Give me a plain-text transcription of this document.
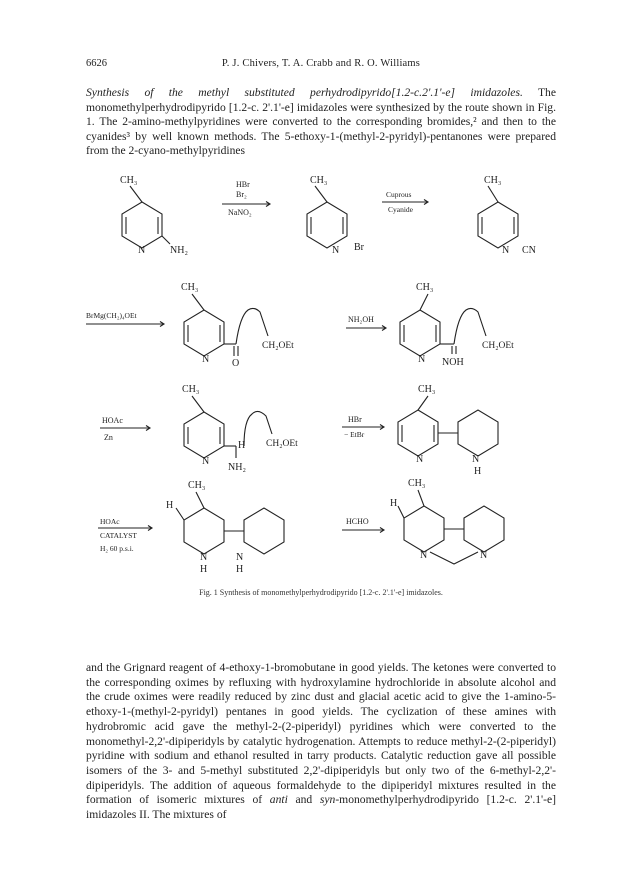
6626	P. J. Chivers, T. A. Crabb and R. O. Williams

Synthesis of the methyl substituted perhydrodipyrido[1.2-c.2'.1'-e] imidazoles. The monomethylperhydrodipyrido [1.2-c. 2'.1'-e] imidazoles were synthesized by the route shown in Fig. 1. The 2-amino-methylpyridines were converted to the corresponding bromides,² and then to the cyanides³ by well known methods. The 5-ethoxy-1-(methyl-2-pyridyl)-pentanones were prepared from the 2-cyano-methylpyridines

CH₃
N NH₂
HBr
Br₂
NaNO₂
CH₃
N Br
Cuprous
Cyanide
CH₃
N CN
BrMg(CH₂)₄OEt
CH₃
N O
CH₂OEt
NH₂OH
CH₃
N NOH
CH₂OEt
HOAc
Zn
CH₃
N
H
NH₂
CH₂OEt
HBr
− EtBr
CH₃
N	N
H
HOAc
CATALYST
H₂ 60 p.s.i.
CH₃
H
N
H
N
H
HCHO
CH₃
H
N	N
Fig. 1 Synthesis of monomethylperhydrodipyrido [1.2-c. 2'.1'-e] imidazoles.

and the Grignard reagent of 4-ethoxy-1-bromobutane in good yields. The ketones were converted to the corresponding oximes by refluxing with hydroxylamine hydrochloride in absolute alcohol and the crude oximes were readily reduced by zinc dust and glacial acetic acid to give the 1-amino-5-ethoxy-1-(methyl-2-pyridyl) pentanes in good yields. The cyclization of these amines with hydrobromic acid gave the methyl-2-(2-piperidyl) pyridines which were converted to the monomethyl-2,2'-dipiperidyls by catalytic hydrogenation. Attempts to reduce methyl-2-(2-piperidyl) pyridine with sodium and ethanol resulted in tarry products. Catalytic reduction gave all possible isomers of the 3- and 5-methyl substituted 2,2'-dipiperidyls but only two of the 6-methyl-2,2'-dipiperidyls. The addition of aqueous formaldehyde to the dipiperidyl mixtures resulted in the formation of isomeric mixtures of anti and syn-monomethylperhydrodipyrido [1.2-c. 2'.1'-e] imidazoles II. The mixtures of
